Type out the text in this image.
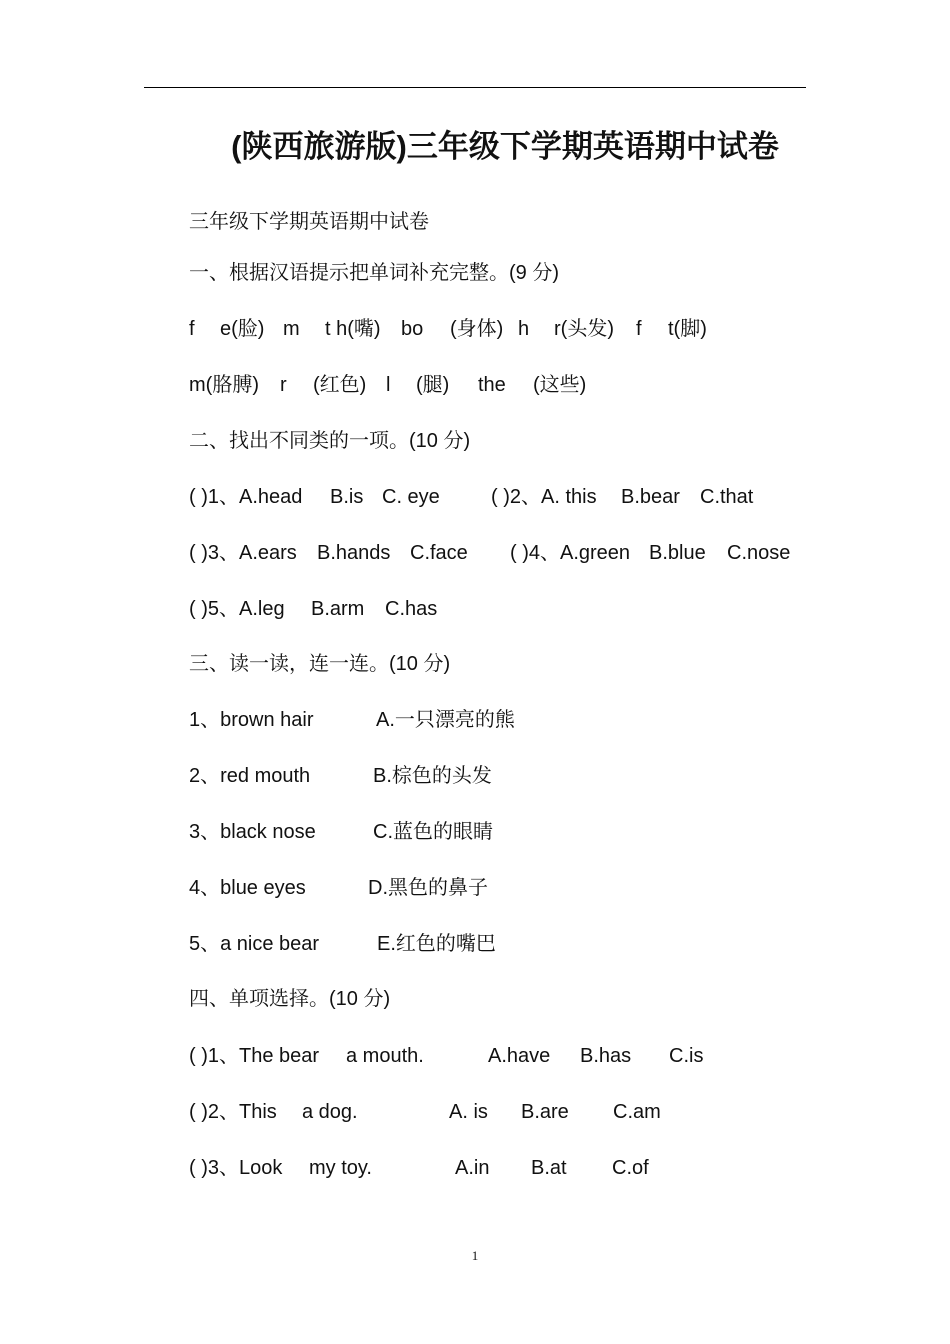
(陕西旅游版)三年级下学期英语期中试卷
三年级下学期英语期中试卷
一、根据汉语提示把单词补充完整。(9 分)
f e(脸) m t h(嘴) bo (身体) h r(头发) f t(脚)
m(胳膊) r (红色) l (腿) the (这些)
二、找出不同类的一项。(10 分)
( )1、A.head B.is C. eye	( )2、A. this B.bear C.that
( )3、A.ears B.hands C.face ( )4、A.green B.blue C.nose
( )5、A.leg B.arm C.has
三、读一读，连一连。(10 分)
1、brown hair	A.一只漂亮的熊
2、red mouth	B.棕色的头发
3、black nose	C.蓝色的眼睛
4、blue eyes	D.黑色的鼻子
5、a nice bear	E.红色的嘴巴
四、单项选择。(10 分)
( )1、The bear a mouth.	A.have B.has C.is
( )2、This a dog.	A. is B.are C.am
( )3、Look my toy.	A.in B.at C.of
1
